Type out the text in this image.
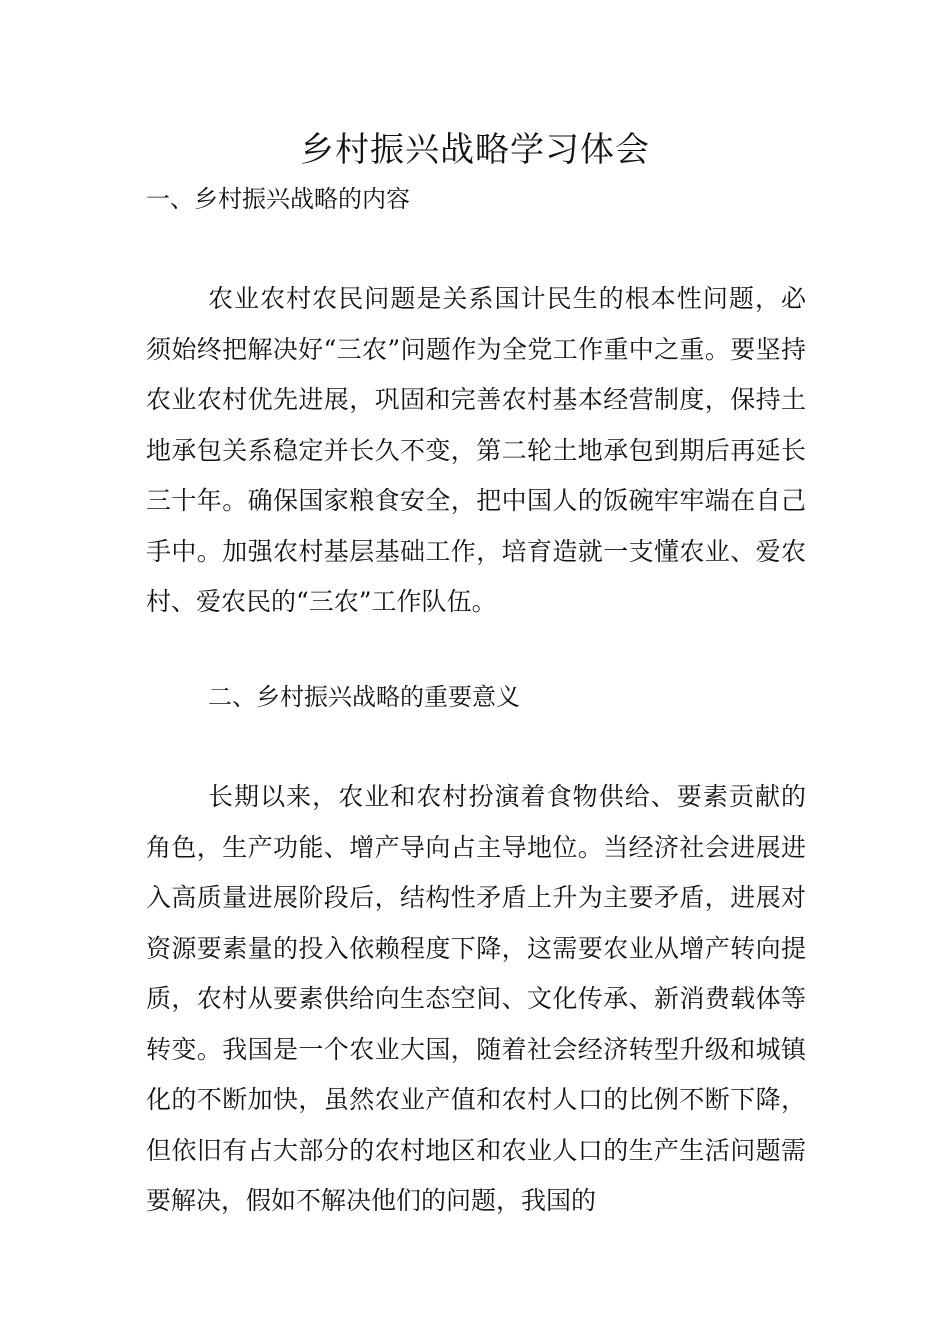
乡村振兴战略学习体会
一、乡村振兴战略的内容

农业农村农民问题是关系国计民生的根本性问题，必须始终把解决好“三农”问题作为全党工作重中之重。要坚持农业农村优先进展，巩固和完善农村基本经营制度，保持土地承包关系稳定并长久不变，第二轮土地承包到期后再延长三十年。确保国家粮食安全，把中国人的饭碗牢牢端在自己手中。加强农村基层基础工作，培育造就一支懂农业、爱农村、爱农民的“三农”工作队伍。

二、乡村振兴战略的重要意义

长期以来，农业和农村扮演着食物供给、要素贡献的角色，生产功能、增产导向占主导地位。当经济社会进展进入高质量进展阶段后，结构性矛盾上升为主要矛盾，进展对资源要素量的投入依赖程度下降，这需要农业从增产转向提质，农村从要素供给向生态空间、文化传承、新消费载体等转变。我国是一个农业大国，随着社会经济转型升级和城镇化的不断加快，虽然农业产值和农村人口的比例不断下降，但依旧有占大部分的农村地区和农业人口的生产生活问题需要解决，假如不解决他们的问题，我国的
